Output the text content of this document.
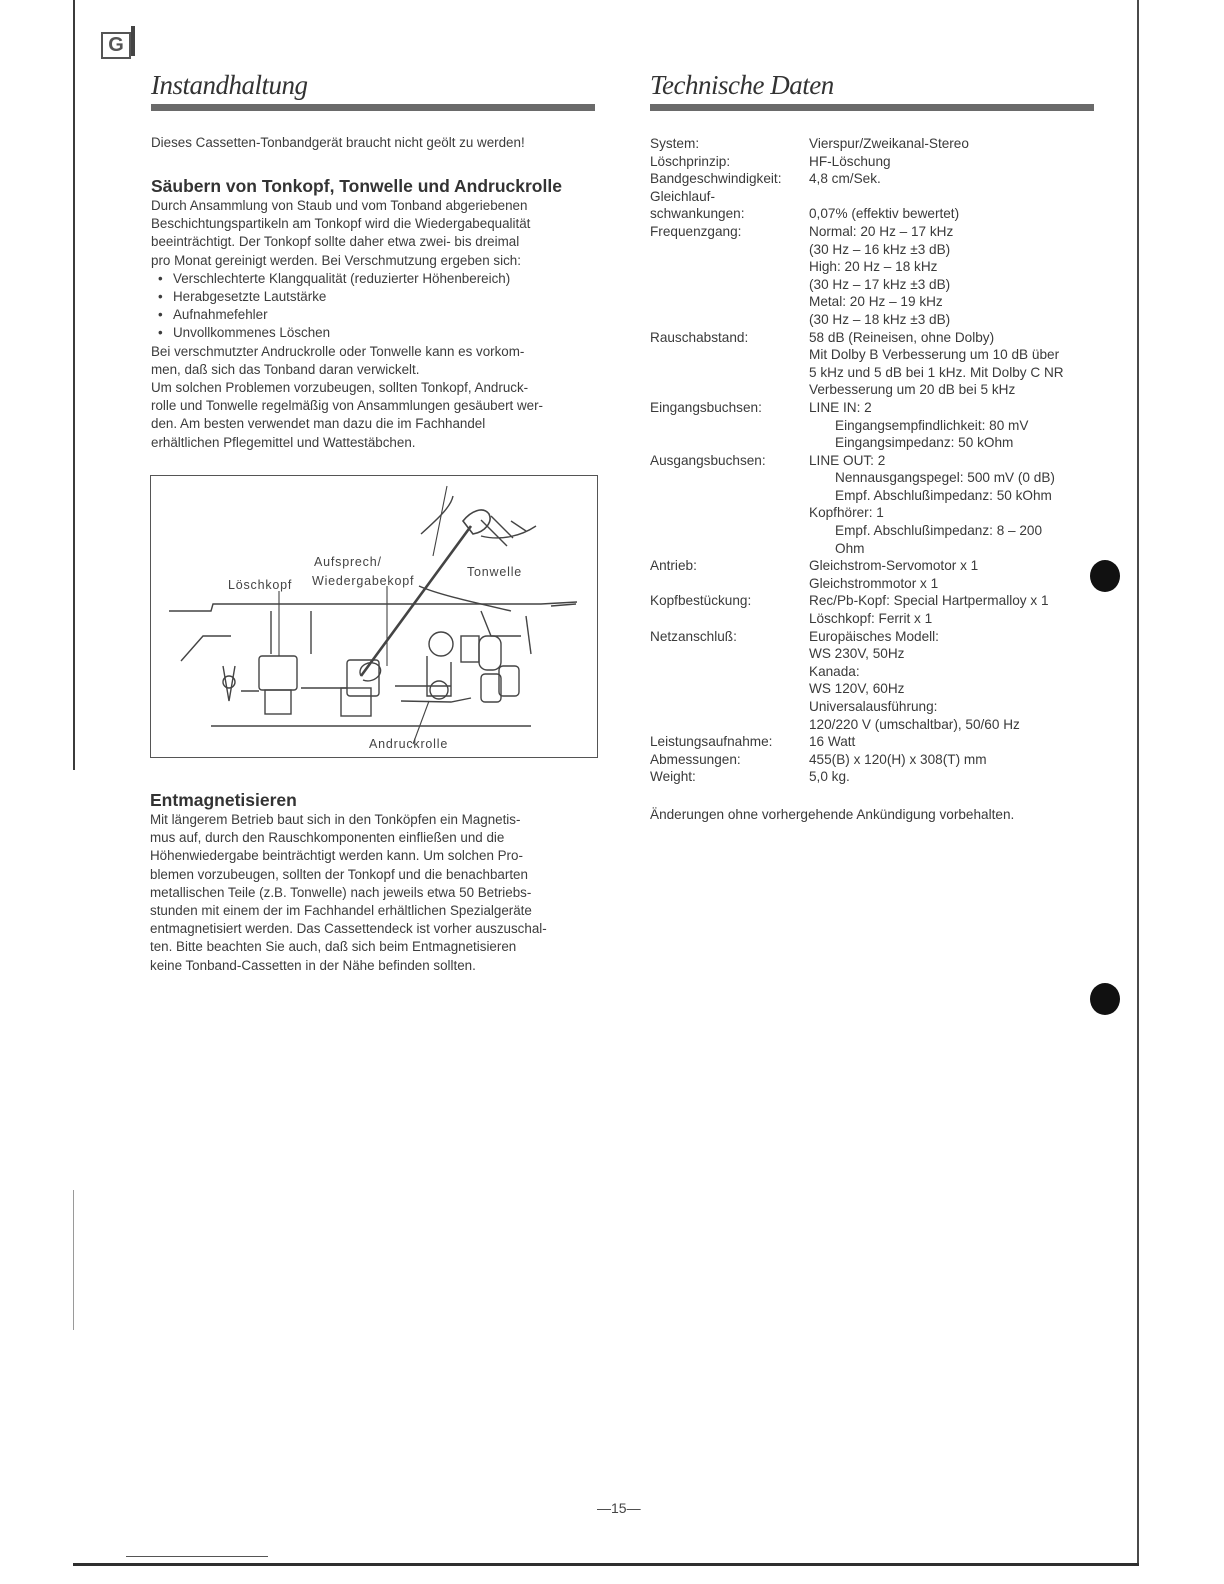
G
Instandhaltung

Dieses Cassetten-Tonbandgerät braucht nicht geölt zu werden!

Säubern von Tonkopf, Tonwelle und Andruckrolle
Durch Ansammlung von Staub und vom Tonband abgeriebenen
Beschichtungspartikeln am Tonkopf wird die Wiedergabequalität
beeinträchtigt. Der Tonkopf sollte daher etwa zwei- bis dreimal
pro Monat gereinigt werden. Bei Verschmutzung ergeben sich:
• Verschlechterte Klangqualität (reduzierter Höhenbereich)
• Herabgesetzte Lautstärke
• Aufnahmefehler
• Unvollkommenes Löschen
Bei verschmutzter Andruckrolle oder Tonwelle kann es vorkom-
men, daß sich das Tonband daran verwickelt.
Um solchen Problemen vorzubeugen, sollten Tonkopf, Andruck-
rolle und Tonwelle regelmäßig von Ansammlungen gesäubert wer-
den. Am besten verwendet man dazu die im Fachhandel
erhältlichen Pflegemittel und Wattestäbchen.
Aufsprech/
Wiedergabekopf
Löschkopf
Tonwelle
Andruckrolle
Entmagnetisieren
Mit längerem Betrieb baut sich in den Tonköpfen ein Magnetis-
mus auf, durch den Rauschkomponenten einfließen und die
Höhenwiedergabe beinträchtigt werden kann. Um solchen Pro-
blemen vorzubeugen, sollten der Tonkopf und die benachbarten
metallischen Teile (z.B. Tonwelle) nach jeweils etwa 50 Betriebs-
stunden mit einem der im Fachhandel erhältlichen Spezialgeräte
entmagnetisiert werden. Das Cassettendeck ist vorher auszuschal-
ten. Bitte beachten Sie auch, daß sich beim Entmagnetisieren
keine Tonband-Cassetten in der Nähe befinden sollten.
Technische Daten
System:	Vierspur/Zweikanal-Stereo
Löschprinzip:	HF-Löschung
Bandgeschwindigkeit:	4,8 cm/Sek.
Gleichlauf-

schwankungen:	0,07% (effektiv bewertet)
Frequenzgang:	Normal: 20 Hz – 17 kHz
(30 Hz – 16 kHz ±3 dB)
High: 20 Hz – 18 kHz
(30 Hz – 17 kHz ±3 dB)
Metal: 20 Hz – 19 kHz
(30 Hz – 18 kHz ±3 dB)
Rauschabstand:	58 dB (Reineisen, ohne Dolby)
Mit Dolby B Verbesserung um 10 dB über
5 kHz und 5 dB bei 1 kHz. Mit Dolby C NR
Verbesserung um 20 dB bei 5 kHz
Eingangsbuchsen:	LINE IN: 2
Eingangsempfindlichkeit: 80 mV
Eingangsimpedanz: 50 kOhm
Ausgangsbuchsen:	LINE OUT: 2
Nennausgangspegel: 500 mV (0 dB)
Empf. Abschlußimpedanz: 50 kOhm
Kopfhörer: 1
Empf. Abschlußimpedanz: 8 – 200
Ohm
Antrieb:	Gleichstrom-Servomotor x 1
Gleichstrommotor x 1
Kopfbestückung:	Rec/Pb-Kopf: Special Hartpermalloy x 1
Löschkopf: Ferrit x 1
Netzanschluß:	Europäisches Modell:
WS 230V, 50Hz
Kanada:
WS 120V, 60Hz
Universalausführung:
120/220 V (umschaltbar), 50/60 Hz
Leistungsaufnahme:	16 Watt
Abmessungen:	455(B) x 120(H) x 308(T) mm
Weight:	5,0 kg.
Änderungen ohne vorhergehende Ankündigung vorbehalten.
—15—
